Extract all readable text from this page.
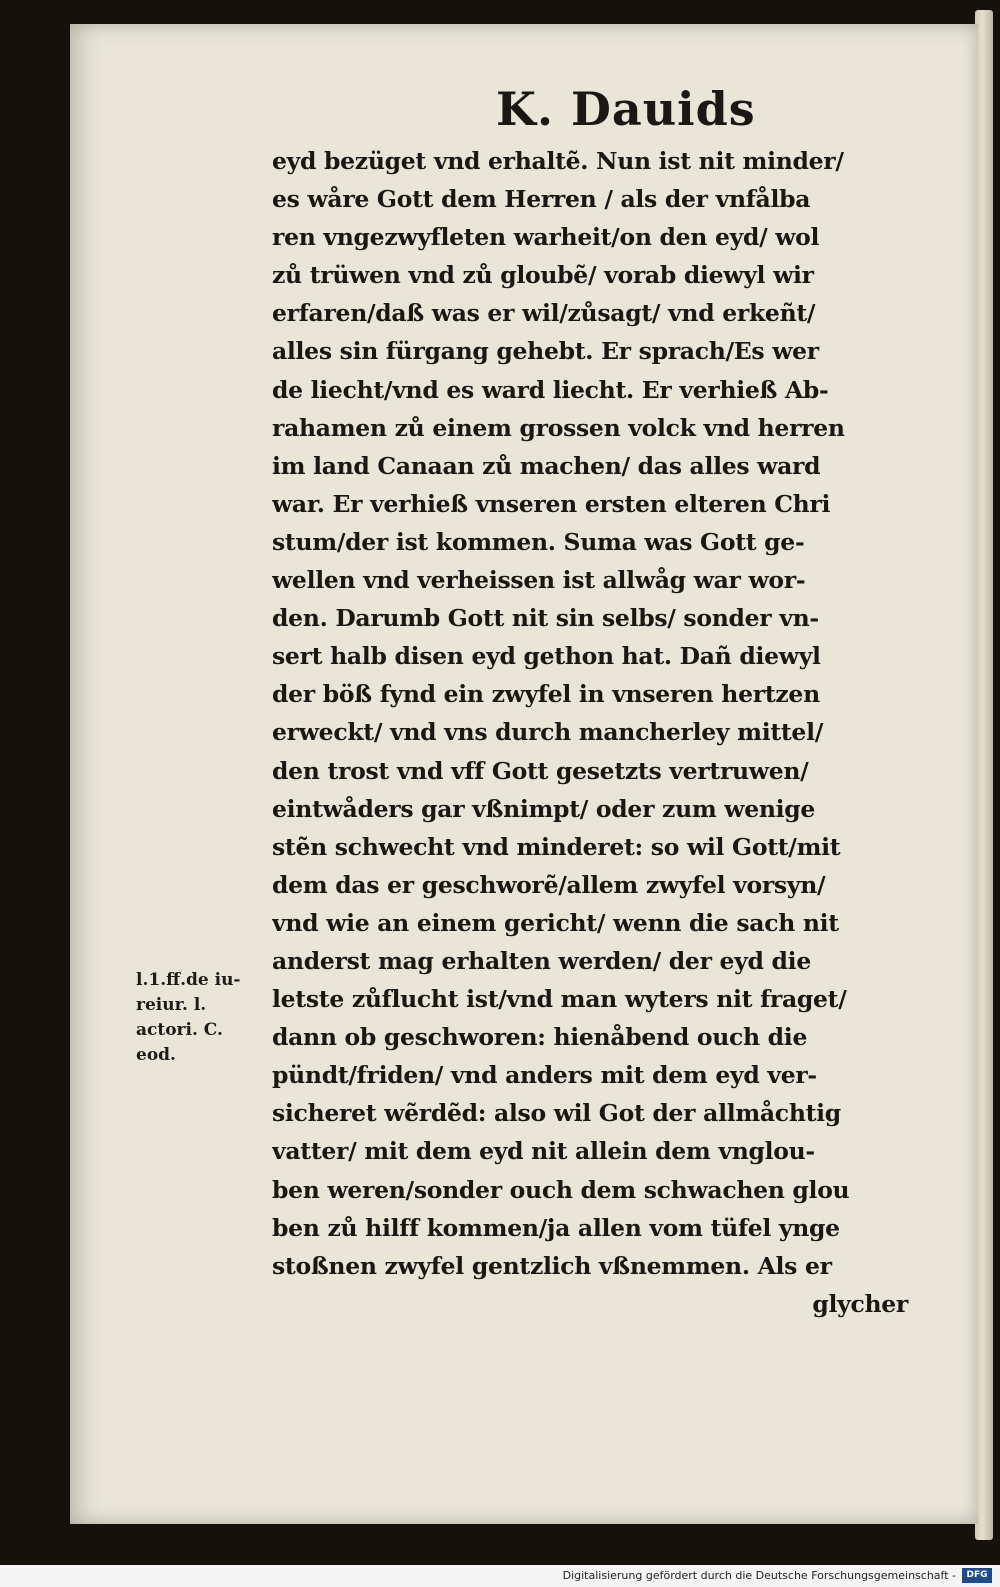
K. Dauids
eyd bezüget vnd erhaltẽ. Nun ist nit minder/
es wåre Gott dem Herren / als der vnfålba
ren vngezwyfleten warheit/on den eyd/ wol
zů trüwen vnd zů gloubẽ/ vorab diewyl wir
erfaren/daß was er wil/zůsagt/ vnd erkeñt/
alles sin fürgang gehebt. Er sprach/Es wer
de liecht/vnd es ward liecht. Er verhieß Ab-
rahamen zů einem grossen volck vnd herren
im land Canaan zů machen/ das alles ward
war. Er verhieß vnseren ersten elteren Chri
stum/der ist kommen. Suma was Gott ge-
wellen vnd verheissen ist allwåg war wor-
den. Darumb Gott nit sin selbs/ sonder vn-
sert halb disen eyd gethon hat. Dañ diewyl
der böß fynd ein zwyfel in vnseren hertzen
erweckt/ vnd vns durch mancherley mittel/
den trost vnd vff Gott gesetzts vertruwen/
eintwåders gar vßnimpt/ oder zum wenige
stẽn schwecht vnd minderet: so wil Gott/mit
dem das er geschworẽ/allem zwyfel vorsyn/
vnd wie an einem gericht/ wenn die sach nit
anderst mag erhalten werden/ der eyd die
letste zůflucht ist/vnd man wyters nit fraget/
dann ob geschworen: hienåbend ouch die
pündt/friden/ vnd anders mit dem eyd ver-
sicheret wẽrdẽd: also wil Got der allmåchtig
vatter/ mit dem eyd nit allein dem vnglou-
ben weren/sonder ouch dem schwachen glou
ben zů hilff kommen/ja allen vom tüfel ynge
stoßnen zwyfel gentzlich vßnemmen. Als er
glycher
l.1.ff.de iu-
reiur. l.
actori. C.
eod.
Digitalisierung gefördert durch die Deutsche Forschungsgemeinschaft -	DFG
